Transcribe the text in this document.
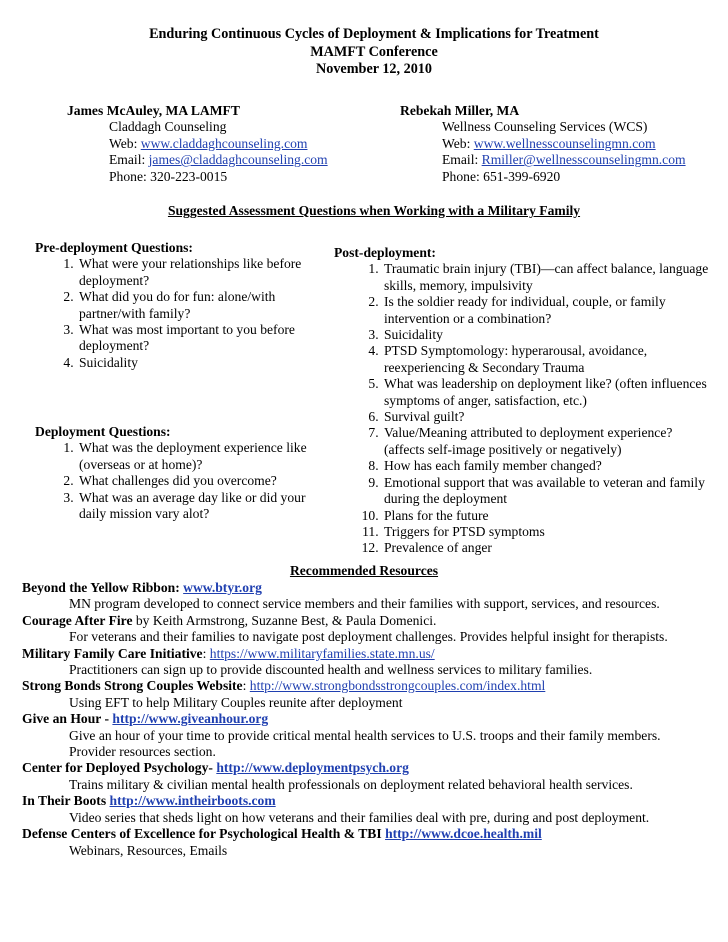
Enduring Continuous Cycles of Deployment & Implications for Treatment
MAMFT Conference
November 12, 2010
James McAuley, MA LAMFT
Claddagh Counseling
Web: www.claddaghcounseling.com
Email: james@claddaghcounseling.com
Phone: 320-223-0015
Rebekah Miller, MA
Wellness Counseling Services (WCS)
Web: www.wellnesscounselingmn.com
Email: Rmiller@wellnesscounselingmn.com
Phone: 651-399-6920
Suggested Assessment Questions when Working with a Military Family
Pre-deployment Questions:
1. What were your relationships like before deployment?
2. What did you do for fun: alone/with partner/with family?
3. What was most important to you before deployment?
4. Suicidality
Deployment Questions:
1. What was the deployment experience like (overseas or at home)?
2. What challenges did you overcome?
3. What was an average day like or did your daily mission vary alot?
Post-deployment:
1. Traumatic brain injury (TBI)—can affect balance, language skills, memory, impulsivity
2. Is the soldier ready for individual, couple, or family intervention or a combination?
3. Suicidality
4. PTSD Symptomology: hyperarousal, avoidance, reexperiencing & Secondary Trauma
5. What was leadership on deployment like? (often influences symptoms of anger, satisfaction, etc.)
6. Survival guilt?
7. Value/Meaning attributed to deployment experience? (affects self-image positively or negatively)
8. How has each family member changed?
9. Emotional support that was available to veteran and family during the deployment
10. Plans for the future
11. Triggers for PTSD symptoms
12. Prevalence of anger
Recommended Resources
Beyond the Yellow Ribbon: www.btyr.org
MN program developed to connect service members and their families with support, services, and resources.
Courage After Fire by Keith Armstrong, Suzanne Best, & Paula Domenici.
For veterans and their families to navigate post deployment challenges. Provides helpful insight for therapists.
Military Family Care Initiative: https://www.militaryfamilies.state.mn.us/
Practitioners can sign up to provide discounted health and wellness services to military families.
Strong Bonds Strong Couples Website: http://www.strongbondsstrongcouples.com/index.html
Using EFT to help Military Couples reunite after deployment
Give an Hour - http://www.giveanhour.org
Give an hour of your time to provide critical mental health services to U.S. troops and their family members.
Provider resources section.
Center for Deployed Psychology- http://www.deploymentpsych.org
Trains military & civilian mental health professionals on deployment related behavioral health services.
In Their Boots http://www.intheirboots.com
Video series that sheds light on how veterans and their families deal with pre, during and post deployment.
Defense Centers of Excellence for Psychological Health & TBI http://www.dcoe.health.mil
Webinars, Resources, Emails
